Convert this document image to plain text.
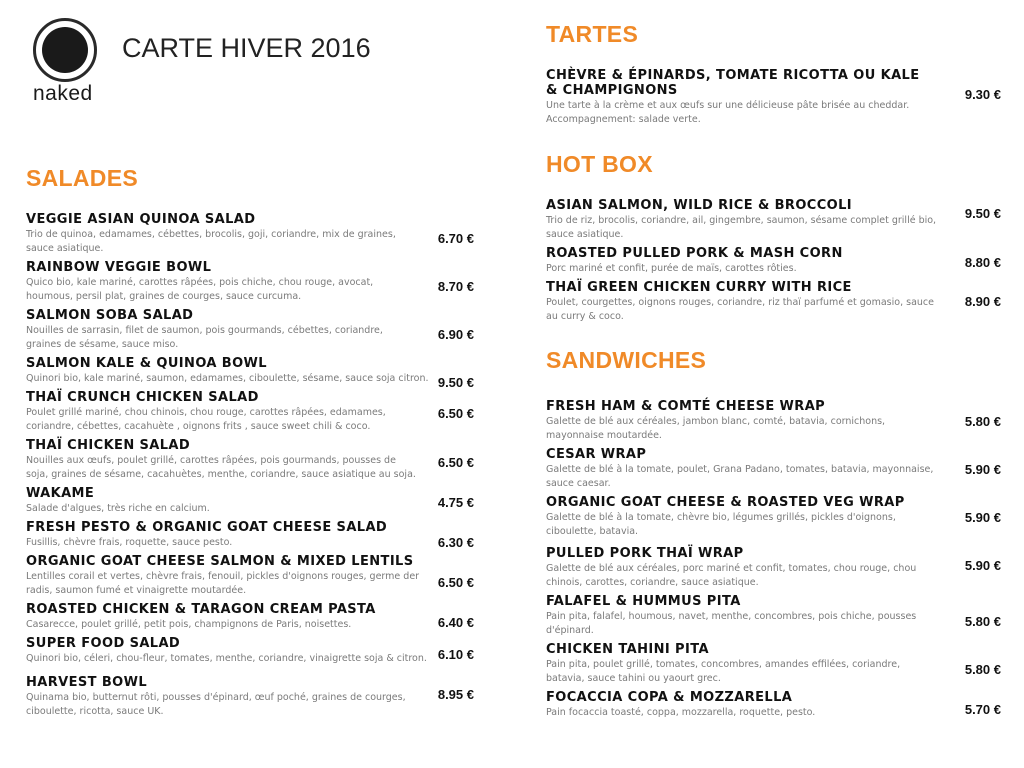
naked
CARTE HIVER 2016
SALADES
VEGGIE ASIAN QUINOA SALAD
Trio de quinoa, edamames, cébettes, brocolis, goji, coriandre, mix de graines, sauce asiatique.
6.70 €
RAINBOW VEGGIE BOWL
Quico bio, kale mariné, carottes râpées, pois chiche, chou rouge, avocat, houmous, persil plat, graines de courges, sauce curcuma.
8.70 €
SALMON SOBA SALAD
Nouilles de sarrasin, filet de saumon, pois gourmands, cébettes, coriandre, graines de sésame, sauce miso.
6.90 €
SALMON KALE & QUINOA BOWL
Quinori bio, kale mariné, saumon, edamames, ciboulette, sésame, sauce soja citron. 9.50 €
THAÏ CRUNCH CHICKEN SALAD
Poulet grillé mariné, chou chinois, chou rouge, carottes râpées, edamames, coriandre, cébettes, cacahuète , oignons frits , sauce sweet chili & coco.
6.50 €
THAÏ CHICKEN SALAD
Nouilles aux œufs, poulet grillé, carottes râpées, pois gourmands, pousses de soja, graines de sésame, cacahuètes, menthe, coriandre, sauce asiatique au soja.
6.50 €
WAKAME
Salade d'algues, très riche en calcium.	4.75 €
FRESH PESTO & ORGANIC GOAT CHEESE SALAD
Fusillis, chèvre frais, roquette, sauce pesto.	6.30 €
ORGANIC GOAT CHEESE SALMON & MIXED LENTILS
Lentilles corail et vertes, chèvre frais, fenouil, pickles d'oignons rouges, germe der radis, saumon fumé et vinaigrette moutardée.
6.50 €
ROASTED CHICKEN & TARAGON CREAM PASTA
Casarecce, poulet grillé, petit pois, champignons de Paris, noisettes.	6.40 €
SUPER FOOD SALAD
Quinori bio, céleri, chou-fleur, tomates, menthe, coriandre, vinaigrette soja & citron. 6.10 €
HARVEST BOWL
Quinama bio, butternut rôti, pousses d'épinard, œuf poché, graines de courges, ciboulette, ricotta, sauce UK.
8.95 €
TARTES
CHÈVRE & ÉPINARDS, TOMATE RICOTTA OU KALE & CHAMPIGNONS
Une tarte à la crème et aux œufs sur une délicieuse pâte brisée au cheddar. Accompagnement: salade verte.
9.30 €
HOT BOX
ASIAN SALMON, WILD RICE & BROCCOLI
Trio de riz, brocolis, coriandre, ail, gingembre, saumon, sésame complet grillé bio, sauce asiatique.
9.50 €
ROASTED PULLED PORK & MASH CORN
Porc mariné et confit, purée de maïs, carottes rôties.	8.80 €
THAÏ GREEN CHICKEN CURRY WITH RICE
Poulet, courgettes, oignons rouges, coriandre, riz thaï parfumé et gomasio, sauce au curry & coco.
8.90 €
SANDWICHES
FRESH HAM & COMTÉ CHEESE WRAP
Galette de blé aux céréales, jambon blanc, comté, batavia, cornichons, mayonnaise moutardée.
5.80 €
CESAR WRAP
Galette de blé à la tomate, poulet, Grana Padano, tomates, batavia, mayonnaise, sauce caesar.
5.90 €
ORGANIC GOAT CHEESE & ROASTED VEG WRAP
Galette de blé à la tomate, chèvre bio, légumes grillés, pickles d'oignons, ciboulette, batavia.
5.90 €
PULLED PORK THAÏ WRAP
Galette de blé aux céréales, porc mariné et confit, tomates, chou rouge, chou chinois, carottes, coriandre, sauce asiatique.
5.90 €
FALAFEL & HUMMUS PITA
Pain pita, falafel, houmous, navet, menthe, concombres, pois chiche, pousses d'épinard.
5.80 €
CHICKEN TAHINI PITA
Pain pita, poulet grillé, tomates, concombres, amandes effilées, coriandre, batavia, sauce tahini ou yaourt grec.
5.80 €
FOCACCIA COPA & MOZZARELLA
Pain focaccia toasté, coppa, mozzarella, roquette, pesto.	5.70 €
